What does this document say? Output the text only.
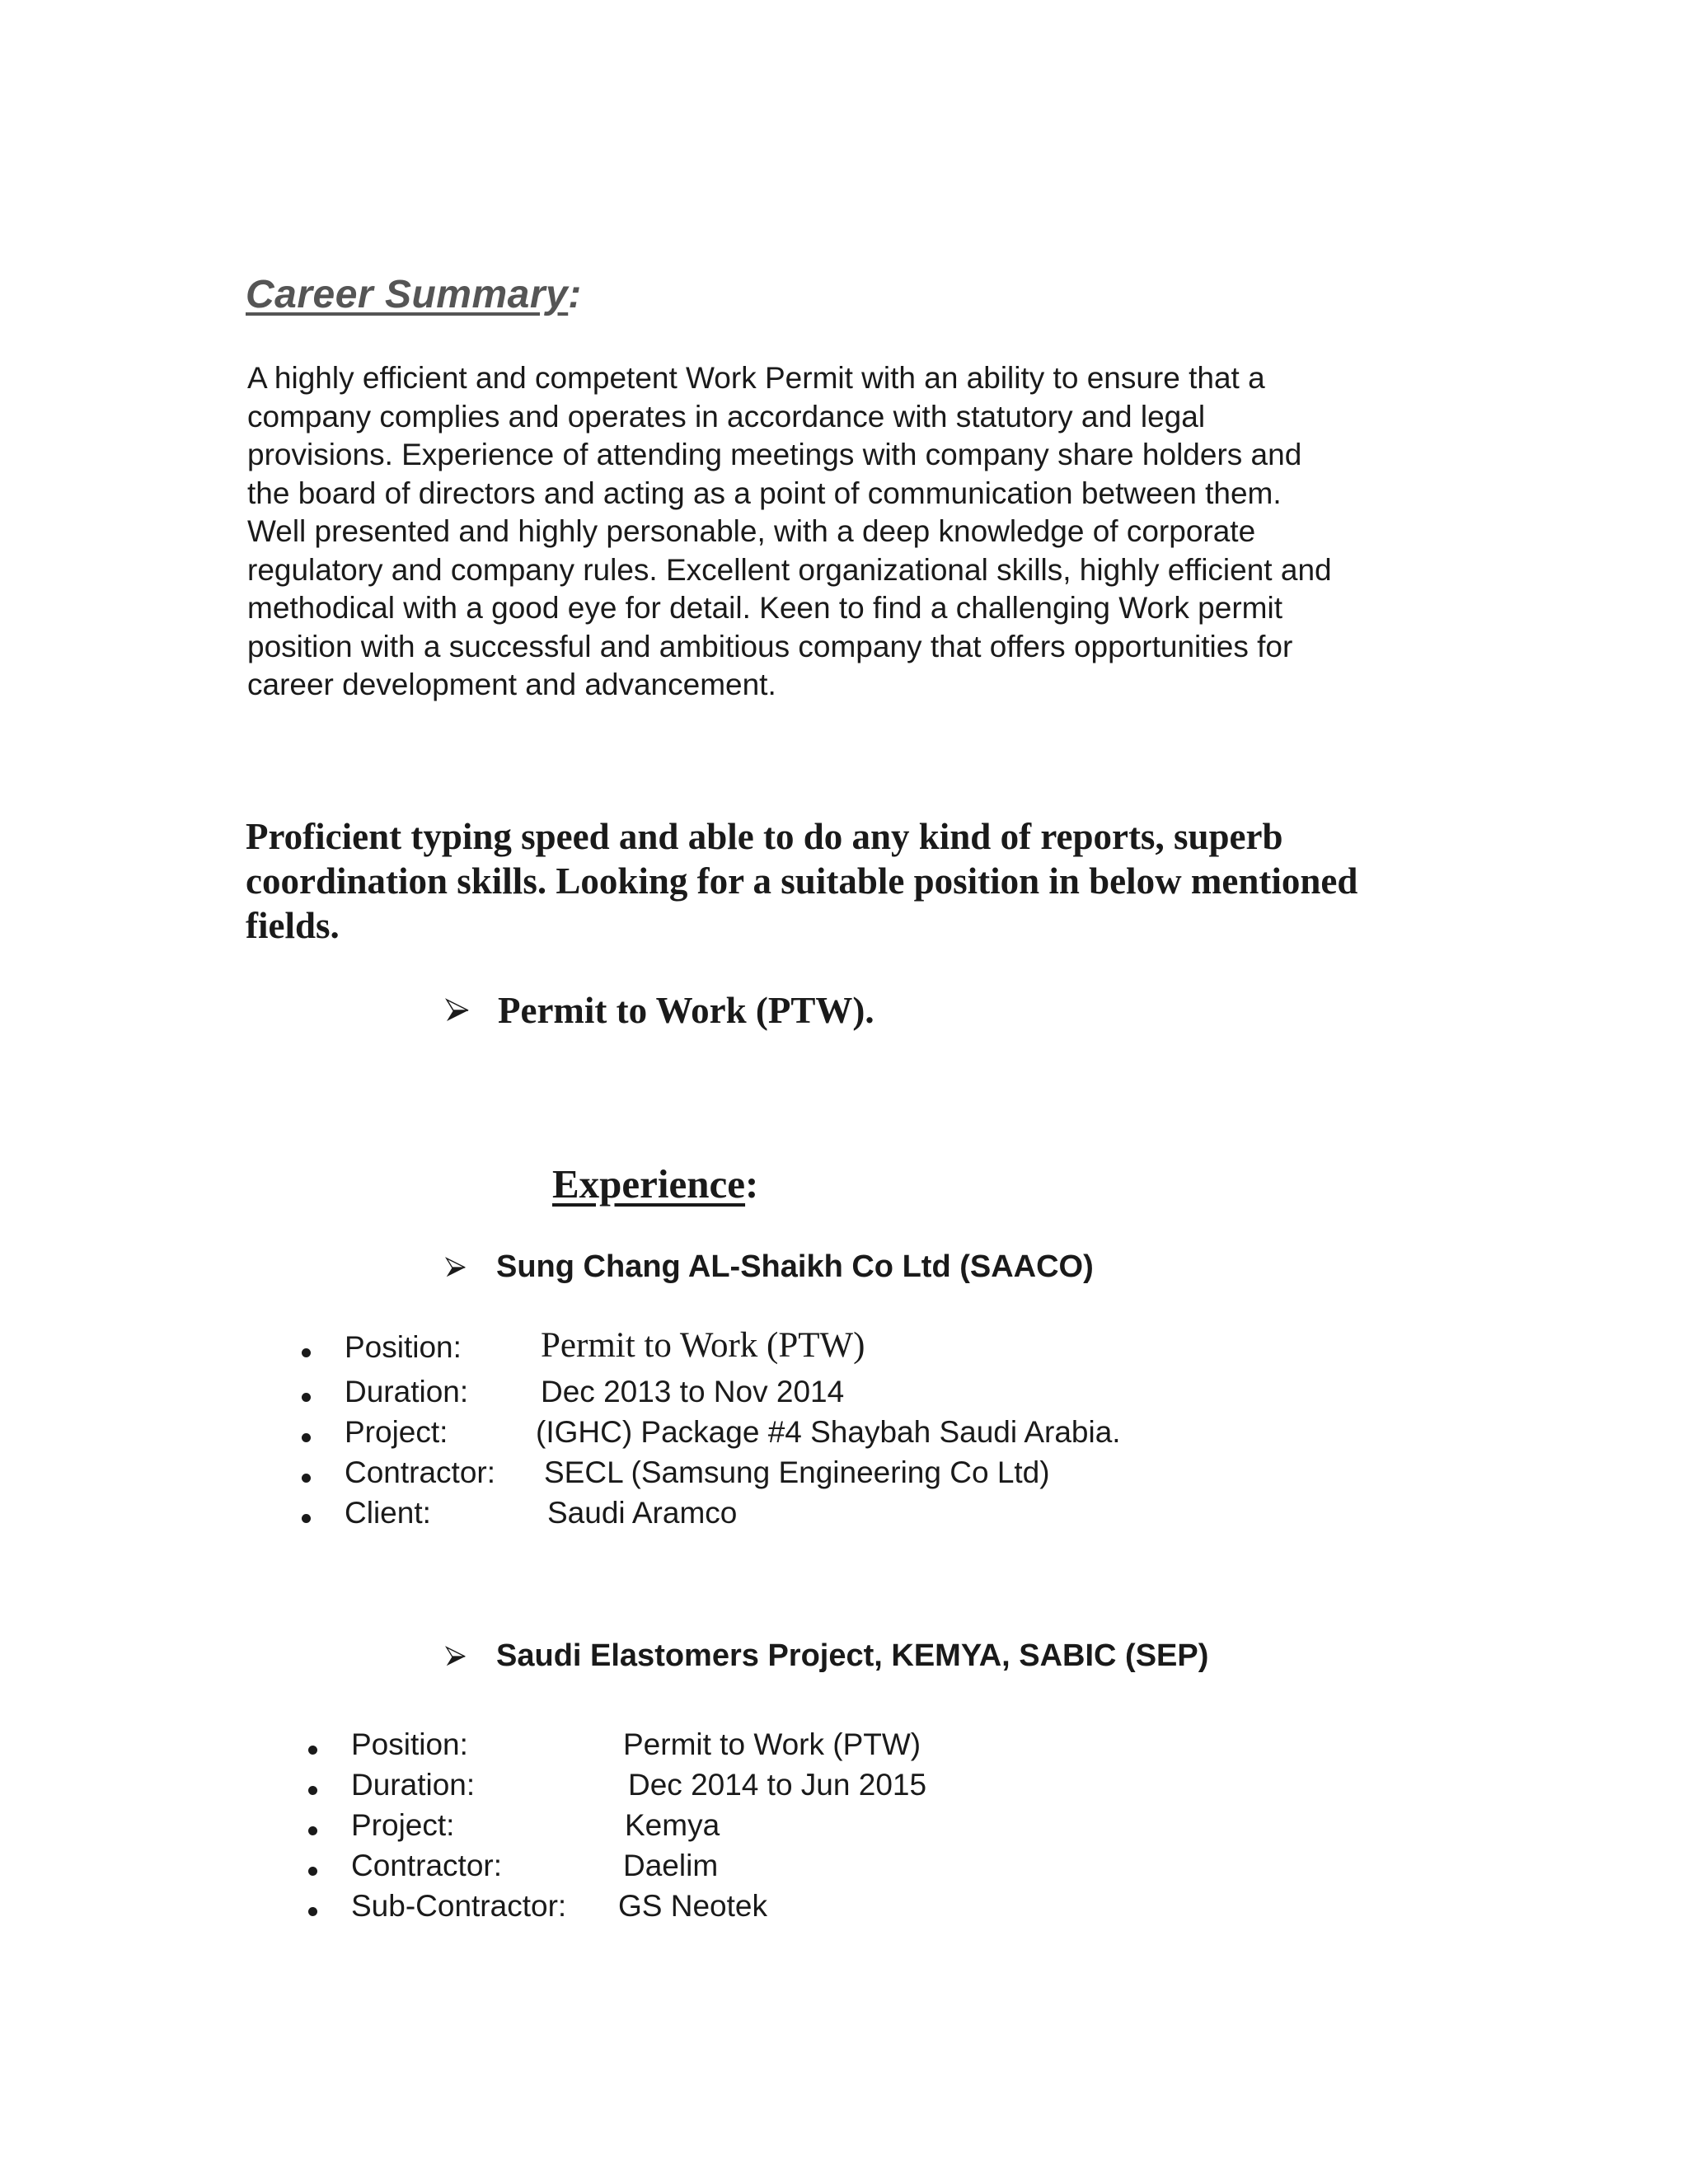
Career Summary:

A highly efficient and competent Work Permit with an ability to ensure that a
company complies and operates in accordance with statutory and legal
provisions. Experience of attending meetings with company share holders and
the board of directors and acting as a point of communication between them.
Well presented and highly personable, with a deep knowledge of corporate
regulatory and company rules. Excellent organizational skills, highly efficient and
methodical with a good eye for detail. Keen to find a challenging Work permit
position with a successful and ambitious company that offers opportunities for
career development and advancement.

Proficient typing speed and able to do any kind of reports, superb
coordination skills. Looking for a suitable position in below mentioned
fields.

Permit to Work (PTW).
Experience:
Sung Chang AL-Shaikh Co Ltd (SAACO)
Position: Permit to Work (PTW)
Duration: Dec 2013 to Nov 2014
Project:	(IGHC) Package #4 Shaybah Saudi Arabia.
Contractor: SECL (Samsung Engineering Co Ltd)
Client:	Saudi Aramco
Saudi Elastomers Project, KEMYA, SABIC (SEP)
Position:	Permit to Work (PTW)
Duration:	Dec 2014 to Jun 2015
Project:	Kemya
Contractor:	Daelim
Sub-Contractor: GS Neotek
